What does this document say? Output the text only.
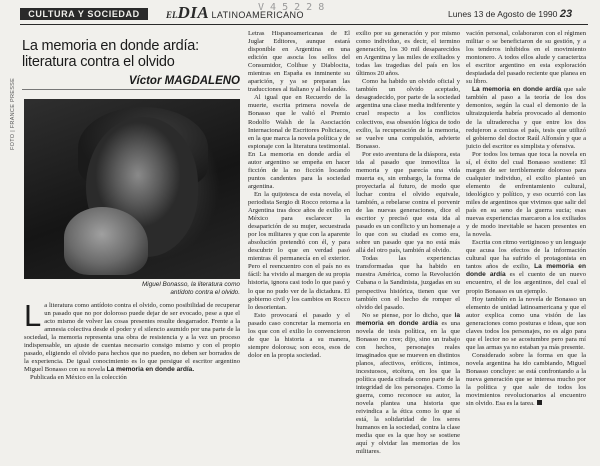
CULTURA Y SOCIEDAD	ELDIA LATINOAMERICANO
V 4 5 2 2 8
Lunes 13 de Agosto de 1990 23
La memoria en donde ardía: literatura contra el olvido
Víctor MAGDALENO
FOTO | FRANCE PRESSE
Miguel Bonasso, la literatura como
antídoto contra el olvido.

La literatura como antídoto contra el olvido, como posibilidad de recuperar un pasado que no por doloroso puede dejar de ser evocado, pese a que el acto mismo de volver las cosas presentes resulte desgarrador. Frente a la amnesia colectiva desde el poder y el silencio asumido por una parte de la sociedad, la memoria representa una obra de resistencia y a la vez un proceso indispensable, un ajuste de cuentas necesario consigo mismo y con el propio pasado, eligiendo el olvido para hechos que no pueden, no deben ser borrados de la experiencia. De igual conocimiento es lo que persigue el escritor argentino Miguel Bonasso con su novela La memoria en donde ardía.

Publicada en México en la colección

Letras Hispanoamericanas de El Juglar Editores, aunque estará disponible en Argentina en una edición que asocia los sellos del Consumidor, Colihue y Diablocita, mientras en España es inminente su aparición, y ya se preparan las traducciones al italiano y al holandés.

Al igual que en Recuerdo de la muerte, escrita primera novela de Bonasso que le valió el Premio Rodolfo Walsh de la Asociación Internacional de Escritores Policiacos, en la que marca la novela política y de espionaje con la literatura testimonial. En La memoria en donde ardía el autor argentino se empeña en hacer ficción de la no ficción locando puntos candentes para la sociedad argentina.

En la quijotesca de esta novela, el periodista Sergio di Rocco retorna a la Argentina tras doce años de exilio en México para esclarecer la desaparición de su mujer, secuestrada por los militares y que con la aparente absolución pretendió con él, y para descubrir lo que en verdad pasó mientras él permanecía en el exterior. Pero el reencuentro con el país no es fácil: ha vivido al margen de su propia historia, ignora casi todo lo que pasó y lo que no pudo ver de la dictadura. El gobierno civil y los cambios en Rocco lo desorientan.

Esto provocará el pasado y el pasado caso concretar la memoria en los que con el exilio lo convencieron de que la historia a su manera, siempre dolorosa; son ecos, esos de dolor en la propia sociedad.

exilio por su generación y por mismo como individuo, es decir, el termino generación, los 30 mil desaparecidos en Argentina y las miles de exiliados y todas las tragedias del país en los últimos 20 años.

Como ha habido un olvido oficial y también un olvido aceptado, desagradecido, por parte de la sociedad argentina una clase media indiferente y cruel respecto a los conflictos colectivos, esa obsesión lógica de todo exilio, la recuperación de la memoria, se vuelve una compulsión, advierte Bonasso.

Por esto aventura de la diáspora, esta ida al pasado que inmoviliza la memoria y que parecía una vida muerta es, sin embargo, la forma de proyectarla al futuro, de modo que luchar contra el olvido equivale, también, a rebelarse contra el porvenir de las nuevas generaciones, dice el escritor y precisó que esta ida al pasado es un conflicto y un homenaje a lo que con su ciudad es como era, sobre un pasado que ya no está más allá del otro país, también al olvido.

Todas las experiencias transformadas que ha habido en nuestra América, como la Revolución Cubana o la Sandinista, juzgadas en su perspectiva histórica, tienen que ver también con el hecho de romper el olvido del pasado.

No se piense, por lo dicho, que la memoria en donde ardía es una novela de tesis política, en la que Bonasso no cree; dijo, sino un trabajo con hechos, personajes reales imaginados que se mueven en distintos planos, afectivos, eróticos, íntimos, incestuosos, etcétera, en los que la política queda cifrada como parte de la integridad de los personajes. Como la guerra, como reconoce su autor, la novela plantea una historia que reivindica a la ética como lo que sí está, la solidaridad de los seres humanos en la sociedad, contra la clase media que es la que hoy se sostiene aquí y olvidar las memorias de los militares.

vación personal, colaboraron con el régimen militar o se beneficiaron de su gestión, y a los tenderos inhibidos en el movimiento montonero. A todos ellos alude y caracteriza el escritor argentino en esta exploración despiadada del pasado reciente que planea en su libro.

La memoria en donde ardía que sale también al paso a la teoría de los dos demonios, según la cual el demonio de la ultraizquierda habría provocado al demonio de la ultraderecha y que entre los dos redujeron a cenizas el país, tesis que utilizó el gobierno del doctor Raúl Alfonsín y que a juicio del escritor es simplista y ofensiva.

Por todos los temas que toca la novela en sí, el éxito del cual Bonasso sostiene: El margen de ser terriblemente doloroso para cualquier individuo, el exilio planteó un elemento de enfrentamiento cultural, ideológico y político, y eso ocurrió con las miles de argentinos que vivimos que salir del país en su seno de la guerra sucia; esas nuevas experiencias marcaron a los exiliados y de modo inevitable se hacen presentes en la novela.

Escrita con ritmo vertiginoso y un lenguaje que acusa los efectos de la información cultural que ha sufrido el protagonista en tantos años de exilio, La memoria en donde ardía es el cuento de un nuevo encuentro, el de los argentinos, del cual el propio Bonasso es un ejemplo.

Hoy también en la novela de Bonasso un elemento de unidad latinoamericana y que el autor explica como una visión de las generaciones como posturas e ideas, que son claves todos los personajes, no es algo para que el lector no se acostumbre pero para mí que las armas ya no estaban ya más presente.

Considerado sobre la forma en que la novela argentina ha ido cambiando, Miguel Bonasso concluye: se está confrontando a la nueva generación que se interesa mucho por la política y que sale de todos los movimientos revolucionarios al encuentro sin olvido. Esa es la tarea.
